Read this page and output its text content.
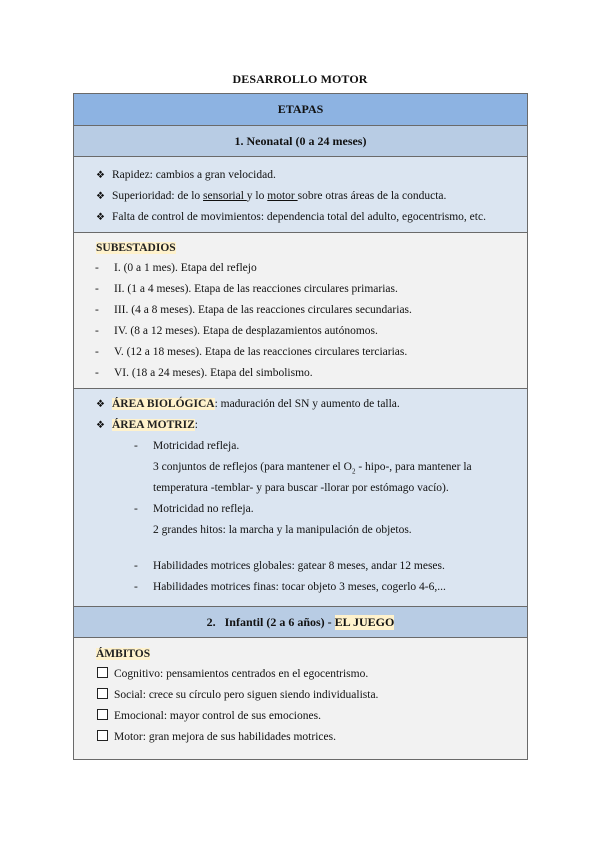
DESARROLLO MOTOR
ETAPAS
1. Neonatal (0 a 24 meses)
❖ Rapidez: cambios a gran velocidad.
❖ Superioridad: de lo sensorial y lo motor sobre otras áreas de la conducta.
❖ Falta de control de movimientos: dependencia total del adulto, egocentrismo, etc.
SUBESTADIOS
- I. (0 a 1 mes). Etapa del reflejo
- II. (1 a 4 meses). Etapa de las reacciones circulares primarias.
- III. (4 a 8 meses). Etapa de las reacciones circulares secundarias.
- IV. (8 a 12 meses). Etapa de desplazamientos autónomos.
- V. (12 a 18 meses). Etapa de las reacciones circulares terciarias.
- VI. (18 a 24 meses). Etapa del simbolismo.
❖ ÁREA BIOLÓGICA: maduración del SN y aumento de talla.
❖ ÁREA MOTRIZ:
- Motricidad refleja.
3 conjuntos de reflejos (para mantener el $O_2$ - hipo-, para mantener la
temperatura -temblar- y para buscar -llorar por estómago vacío).
- Motricidad no refleja.
2 grandes hitos: la marcha y la manipulación de objetos.
- Habilidades motrices globales: gatear 8 meses, andar 12 meses.
- Habilidades motrices finas: tocar objeto 3 meses, cogerlo 4-6,...
2.   Infantil (2 a 6 años) - EL JUEGO
ÁMBITOS
Cognitivo: pensamientos centrados en el egocentrismo.
Social: crece su círculo pero siguen siendo individualista.
Emocional: mayor control de sus emociones.
Motor: gran mejora de sus habilidades motrices.
